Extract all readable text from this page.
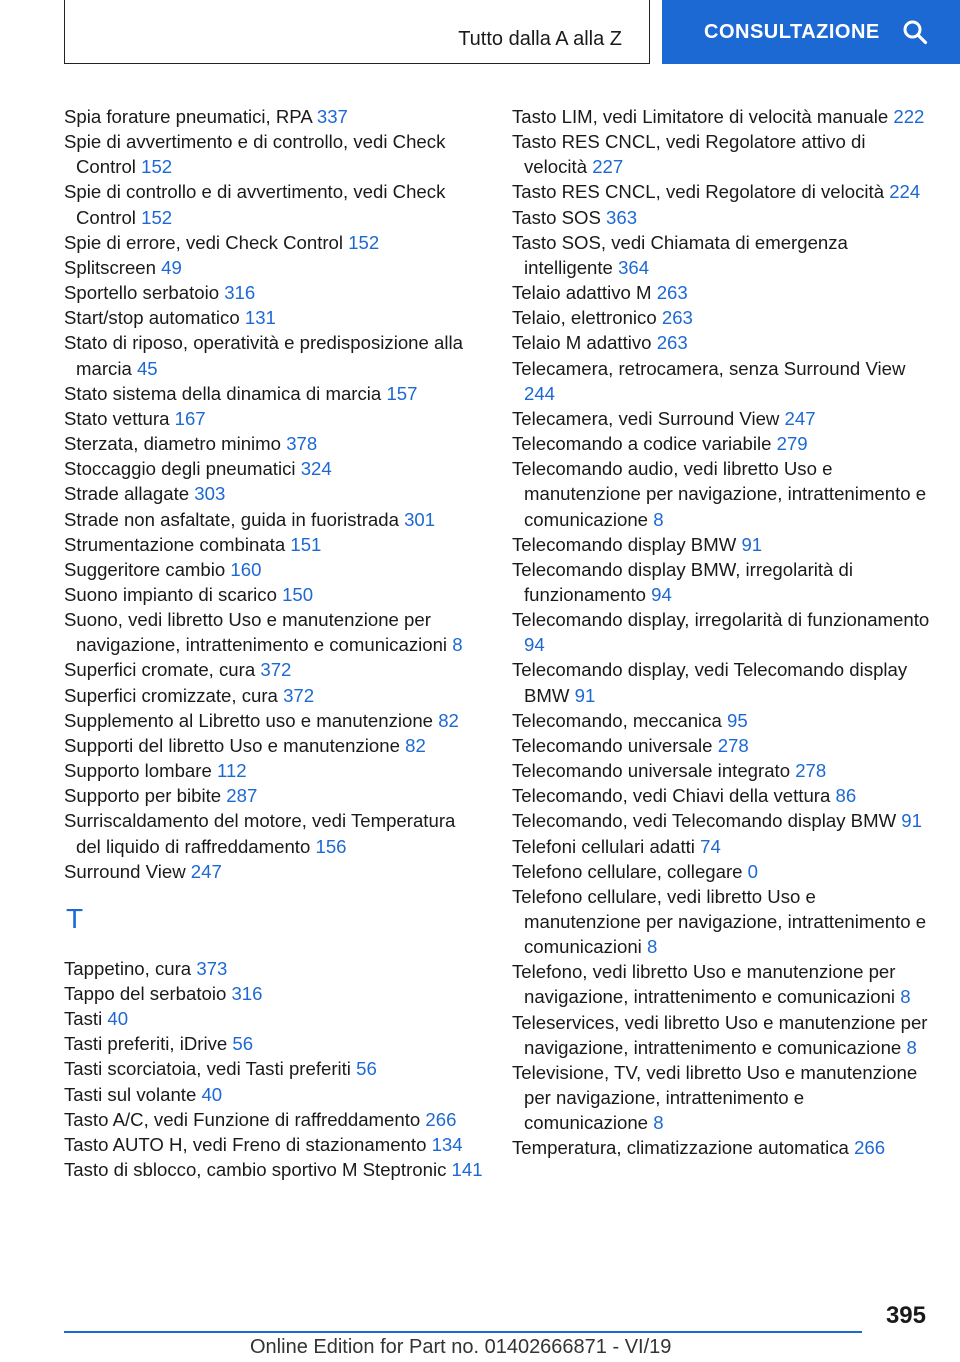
Tutto dalla A alla Z	CONSULTAZIONE
Spia forature pneumatici, RPA 337
Spie di avvertimento e di controllo, vedi Check Control 152
Spie di controllo e di avvertimento, vedi Check Control 152
Spie di errore, vedi Check Control 152
Splitscreen 49
Sportello serbatoio 316
Start/stop automatico 131
Stato di riposo, operatività e predisposizione alla marcia 45
Stato sistema della dinamica di marcia 157
Stato vettura 167
Sterzata, diametro minimo 378
Stoccaggio degli pneumatici 324
Strade allagate 303
Strade non asfaltate, guida in fuoristrada 301
Strumentazione combinata 151
Suggeritore cambio 160
Suono impianto di scarico 150
Suono, vedi libretto Uso e manutenzione per navigazione, intrattenimento e comunicazioni 8
Superfici cromate, cura 372
Superfici cromizzate, cura 372
Supplemento al Libretto uso e manutenzione 82
Supporti del libretto Uso e manutenzione 82
Supporto lombare 112
Supporto per bibite 287
Surriscaldamento del motore, vedi Temperatura del liquido di raffreddamento 156
Surround View 247
T
Tappetino, cura 373
Tappo del serbatoio 316
Tasti 40
Tasti preferiti, iDrive 56
Tasti scorciatoia, vedi Tasti preferiti 56
Tasti sul volante 40
Tasto A/C, vedi Funzione di raffreddamento 266
Tasto AUTO H, vedi Freno di stazionamento 134
Tasto di sblocco, cambio sportivo M Steptronic 141
Tasto LIM, vedi Limitatore di velocità manuale 222
Tasto RES CNCL, vedi Regolatore attivo di velocità 227
Tasto RES CNCL, vedi Regolatore di velocità 224
Tasto SOS 363
Tasto SOS, vedi Chiamata di emergenza intelligente 364
Telaio adattivo M 263
Telaio, elettronico 263
Telaio M adattivo 263
Telecamera, retrocamera, senza Surround View 244
Telecamera, vedi Surround View 247
Telecomando a codice variabile 279
Telecomando audio, vedi libretto Uso e manutenzione per navigazione, intrattenimento e comunicazione 8
Telecomando display BMW 91
Telecomando display BMW, irregolarità di funzionamento 94
Telecomando display, irregolarità di funzionamento 94
Telecomando display, vedi Telecomando display BMW 91
Telecomando, meccanica 95
Telecomando universale 278
Telecomando universale integrato 278
Telecomando, vedi Chiavi della vettura 86
Telecomando, vedi Telecomando display BMW 91
Telefoni cellulari adatti 74
Telefono cellulare, collegare 0
Telefono cellulare, vedi libretto Uso e manutenzione per navigazione, intrattenimento e comunicazioni 8
Telefono, vedi libretto Uso e manutenzione per navigazione, intrattenimento e comunicazioni 8
Teleservices, vedi libretto Uso e manutenzione per navigazione, intrattenimento e comunicazione 8
Televisione, TV, vedi libretto Uso e manutenzione per navigazione, intrattenimento e comunicazione 8
Temperatura, climatizzazione automatica 266
395
Online Edition for Part no. 01402666871 - VI/19
